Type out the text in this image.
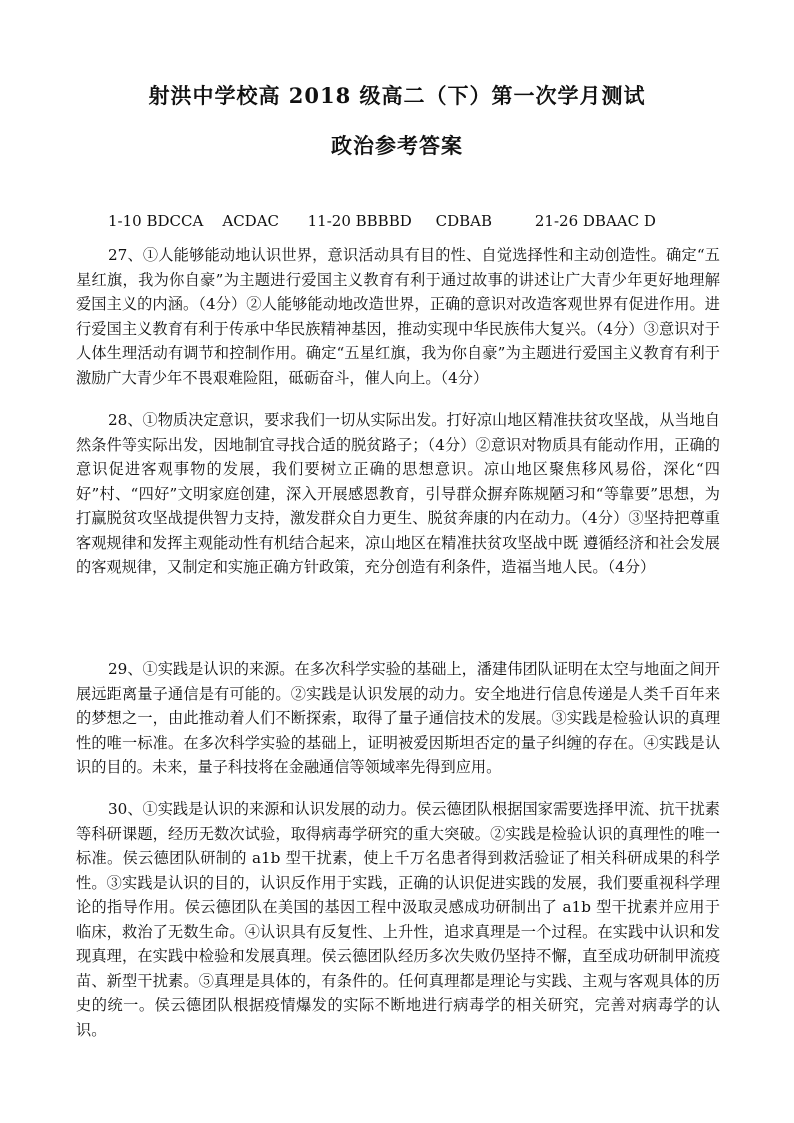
射洪中学校高 2018 级高二（下）第一次学月测试
政治参考答案
1-10 BDCCA    ACDAC      11-20 BBBBD     CDBAB         21-26 DBAAC D

27、①人能够能动地认识世界，意识活动具有目的性、自觉选择性和主动创造性。确定“五星红旗，我为你自豪”为主题进行爱国主义教育有利于通过故事的讲述让广大青少年更好地理解爱国主义的内涵。（4分）②人能够能动地改造世界，正确的意识对改造客观世界有促进作用。进行爱国主义教育有利于传承中华民族精神基因，推动实现中华民族伟大复兴。（4分）③意识对于人体生理活动有调节和控制作用。确定“五星红旗，我为你自豪”为主题进行爱国主义教育有利于激励广大青少年不畏艰难险阻，砥砺奋斗，催人向上。（4分）

28、①物质决定意识，要求我们一切从实际出发。打好凉山地区精准扶贫攻坚战，从当地自然条件等实际出发，因地制宜寻找合适的脱贫路子；（4分）②意识对物质具有能动作用，正确的意识促进客观事物的发展，我们要树立正确的思想意识。凉山地区聚焦移风易俗，深化“四好”村、“四好”文明家庭创建，深入开展感恩教育，引导群众摒弃陈规陋习和“等靠要”思想，为打赢脱贫攻坚战提供智力支持，激发群众自力更生、脱贫奔康的内在动力。（4分）③坚持把尊重客观规律和发挥主观能动性有机结合起来，凉山地区在精准扶贫攻坚战中既 遵循经济和社会发展的客观规律，又制定和实施正确方针政策，充分创造有利条件，造福当地人民。（4分）

29、①实践是认识的来源。在多次科学实验的基础上，潘建伟团队证明在太空与地面之间开展远距离量子通信是有可能的。②实践是认识发展的动力。安全地进行信息传递是人类千百年来的梦想之一，由此推动着人们不断探索，取得了量子通信技术的发展。③实践是检验认识的真理性的唯一标准。在多次科学实验的基础上，证明被爱因斯坦否定的量子纠缠的存在。④实践是认识的目的。未来，量子科技将在金融通信等领域率先得到应用。

30、①实践是认识的来源和认识发展的动力。侯云德团队根据国家需要选择甲流、抗干扰素等科研课题，经历无数次试验，取得病毒学研究的重大突破。②实践是检验认识的真理性的唯一标准。侯云德团队研制的 a1b 型干扰素，使上千万名患者得到救活验证了相关科研成果的科学性。③实践是认识的目的，认识反作用于实践，正确的认识促进实践的发展，我们要重视科学理论的指导作用。侯云德团队在美国的基因工程中汲取灵感成功研制出了 a1b 型干扰素并应用于临床，救治了无数生命。④认识具有反复性、上升性，追求真理是一个过程。在实践中认识和发现真理，在实践中检验和发展真理。侯云德团队经历多次失败仍坚持不懈，直至成功研制甲流疫苗、新型干扰素。⑤真理是具体的，有条件的。任何真理都是理论与实践、主观与客观具体的历史的统一。侯云德团队根据疫情爆发的实际不断地进行病毒学的相关研究，完善对病毒学的认识。
